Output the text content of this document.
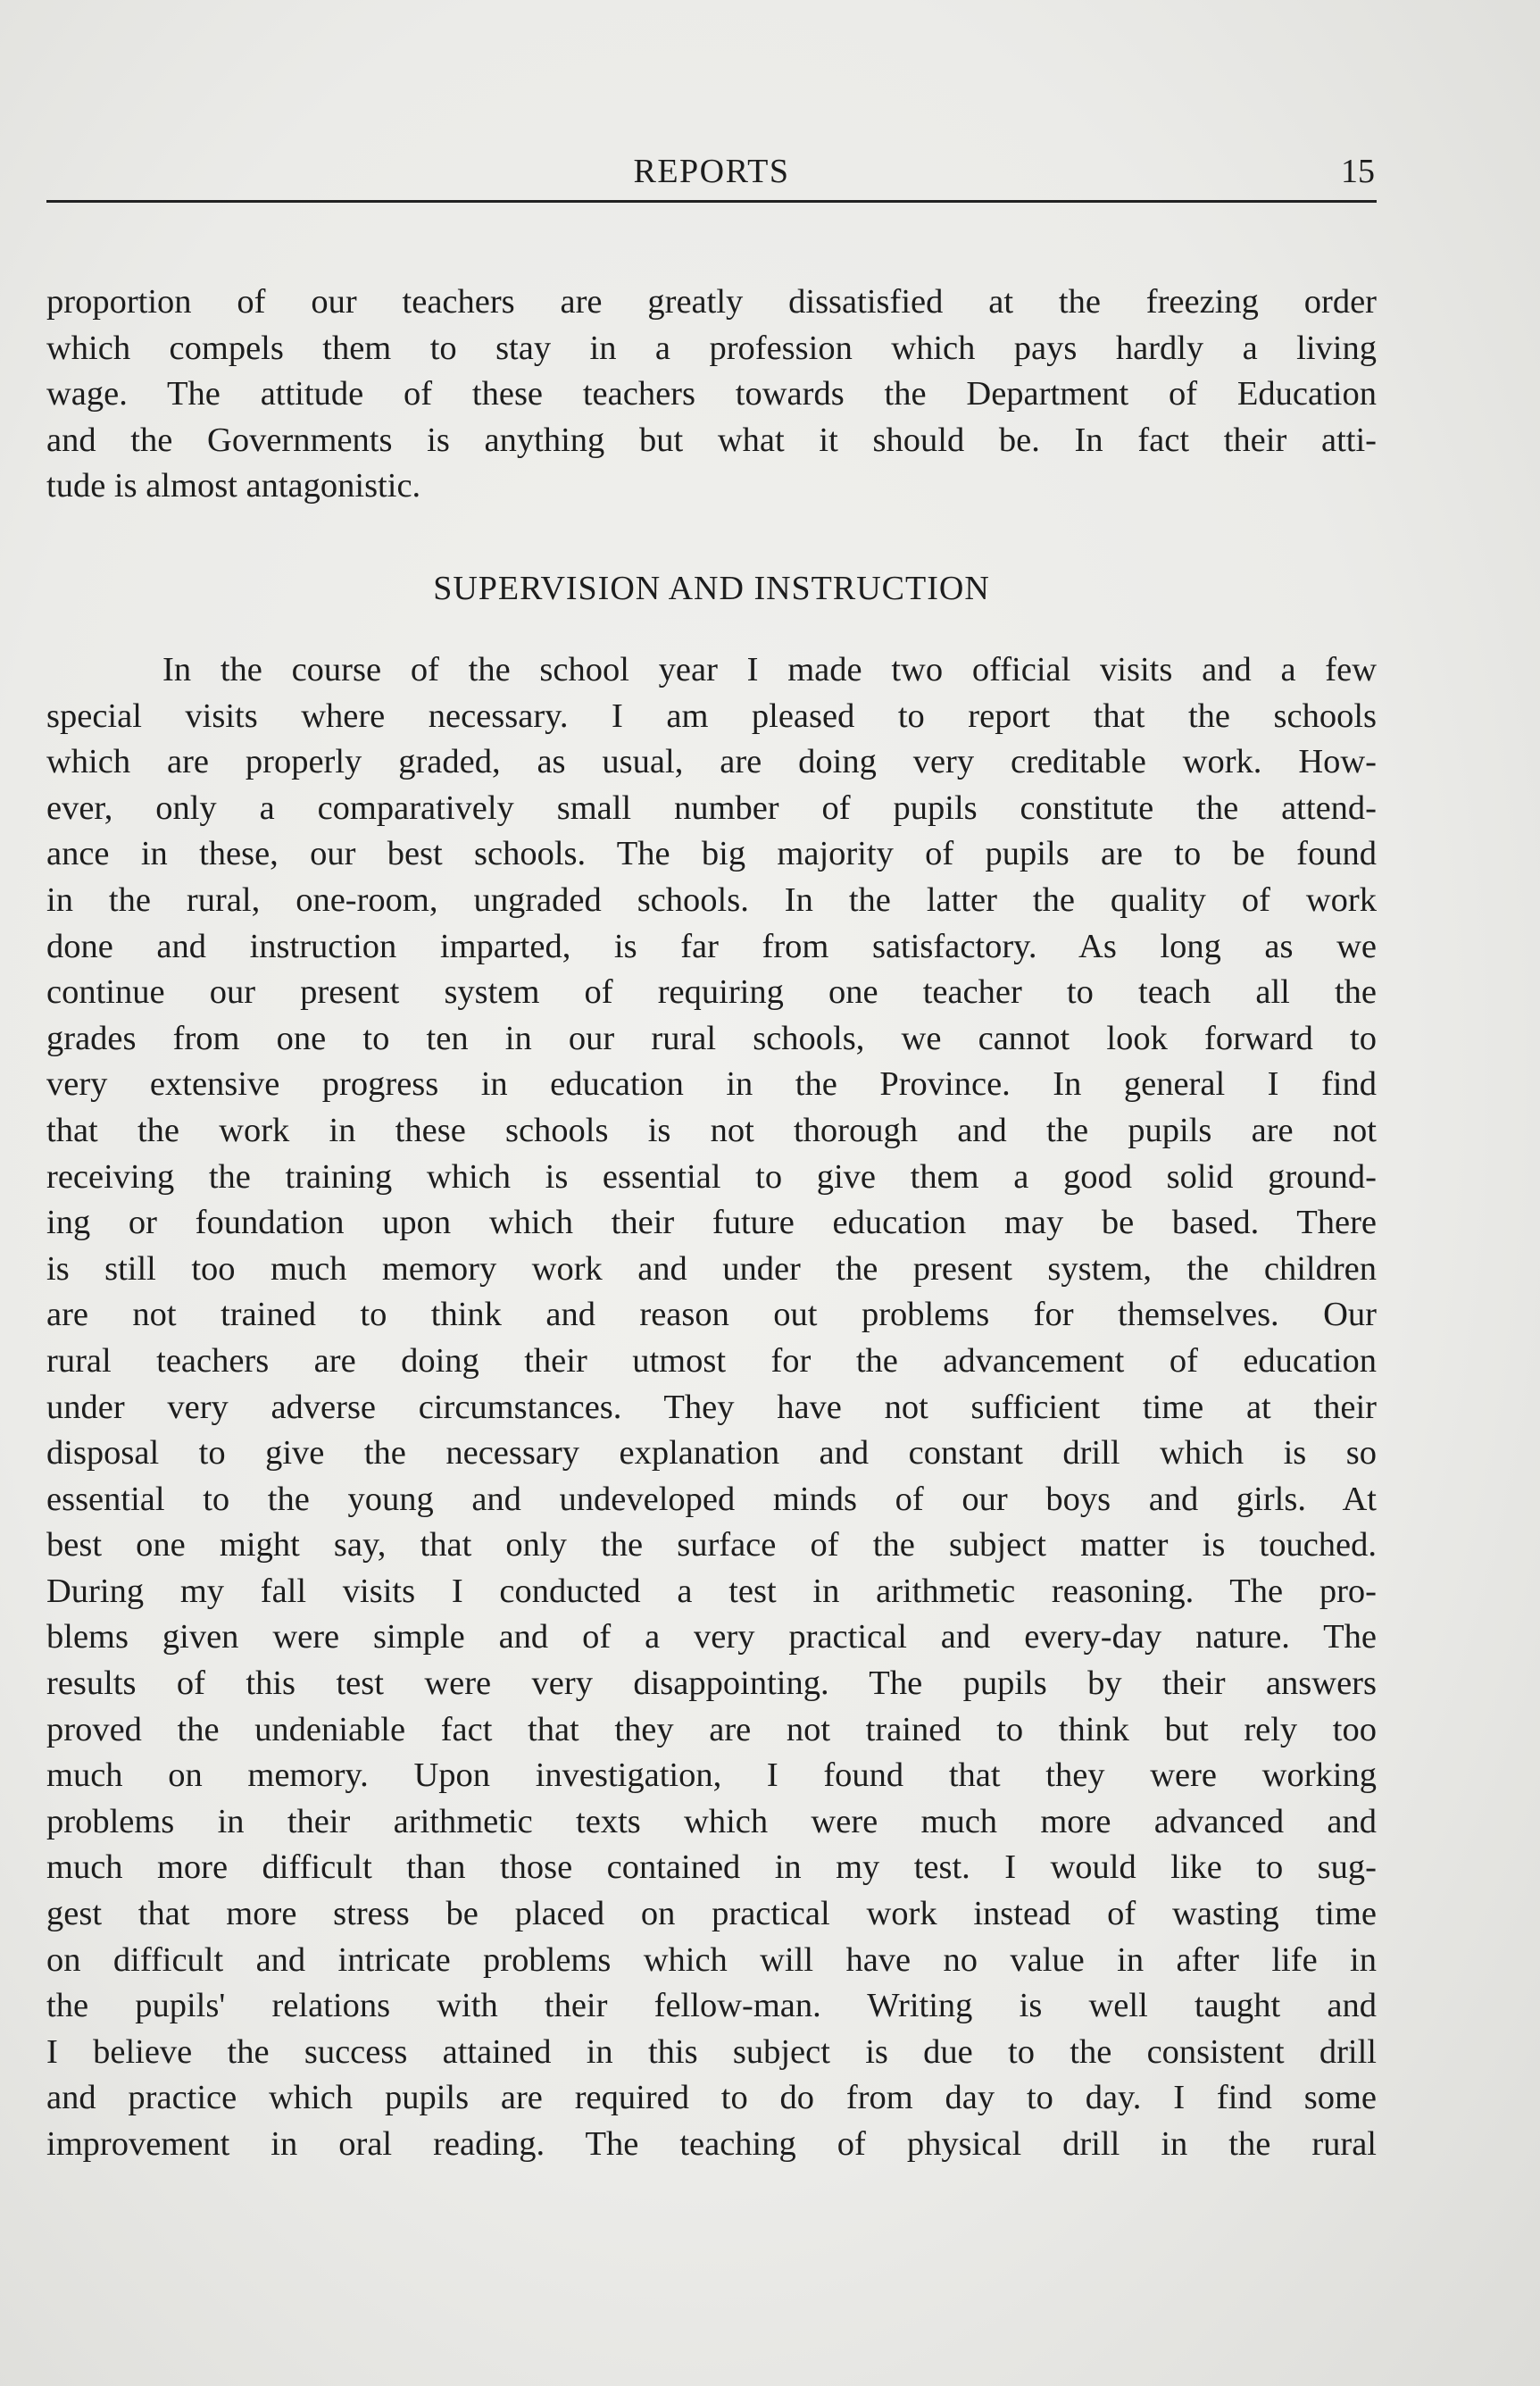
REPORTS	15
proportion of our teachers are greatly dissatisfied at the freezing order
which compels them to stay in a profession which pays hardly a living
wage. The attitude of these teachers towards the Department of Education
and the Governments is anything but what it should be. In fact their atti-
tude is almost antagonistic.
SUPERVISION AND INSTRUCTION
In the course of the school year I made two official visits and a few
special visits where necessary. I am pleased to report that the schools
which are properly graded, as usual, are doing very creditable work. How-
ever, only a comparatively small number of pupils constitute the attend-
ance in these, our best schools. The big majority of pupils are to be found
in the rural, one-room, ungraded schools. In the latter the quality of work
done and instruction imparted, is far from satisfactory. As long as we
continue our present system of requiring one teacher to teach all the
grades from one to ten in our rural schools, we cannot look forward to
very extensive progress in education in the Province. In general I find
that the work in these schools is not thorough and the pupils are not
receiving the training which is essential to give them a good solid ground-
ing or foundation upon which their future education may be based. There
is still too much memory work and under the present system, the children
are not trained to think and reason out problems for themselves. Our
rural teachers are doing their utmost for the advancement of education
under very adverse circumstances. They have not sufficient time at their
disposal to give the necessary explanation and constant drill which is so
essential to the young and undeveloped minds of our boys and girls. At
best one might say, that only the surface of the subject matter is touched.
During my fall visits I conducted a test in arithmetic reasoning. The pro-
blems given were simple and of a very practical and every-day nature. The
results of this test were very disappointing. The pupils by their answers
proved the undeniable fact that they are not trained to think but rely too
much on memory. Upon investigation, I found that they were working
problems in their arithmetic texts which were much more advanced and
much more difficult than those contained in my test. I would like to sug-
gest that more stress be placed on practical work instead of wasting time
on difficult and intricate problems which will have no value in after life in
the pupils' relations with their fellow-man. Writing is well taught and
I believe the success attained in this subject is due to the consistent drill
and practice which pupils are required to do from day to day. I find some
improvement in oral reading. The teaching of physical drill in the rural
